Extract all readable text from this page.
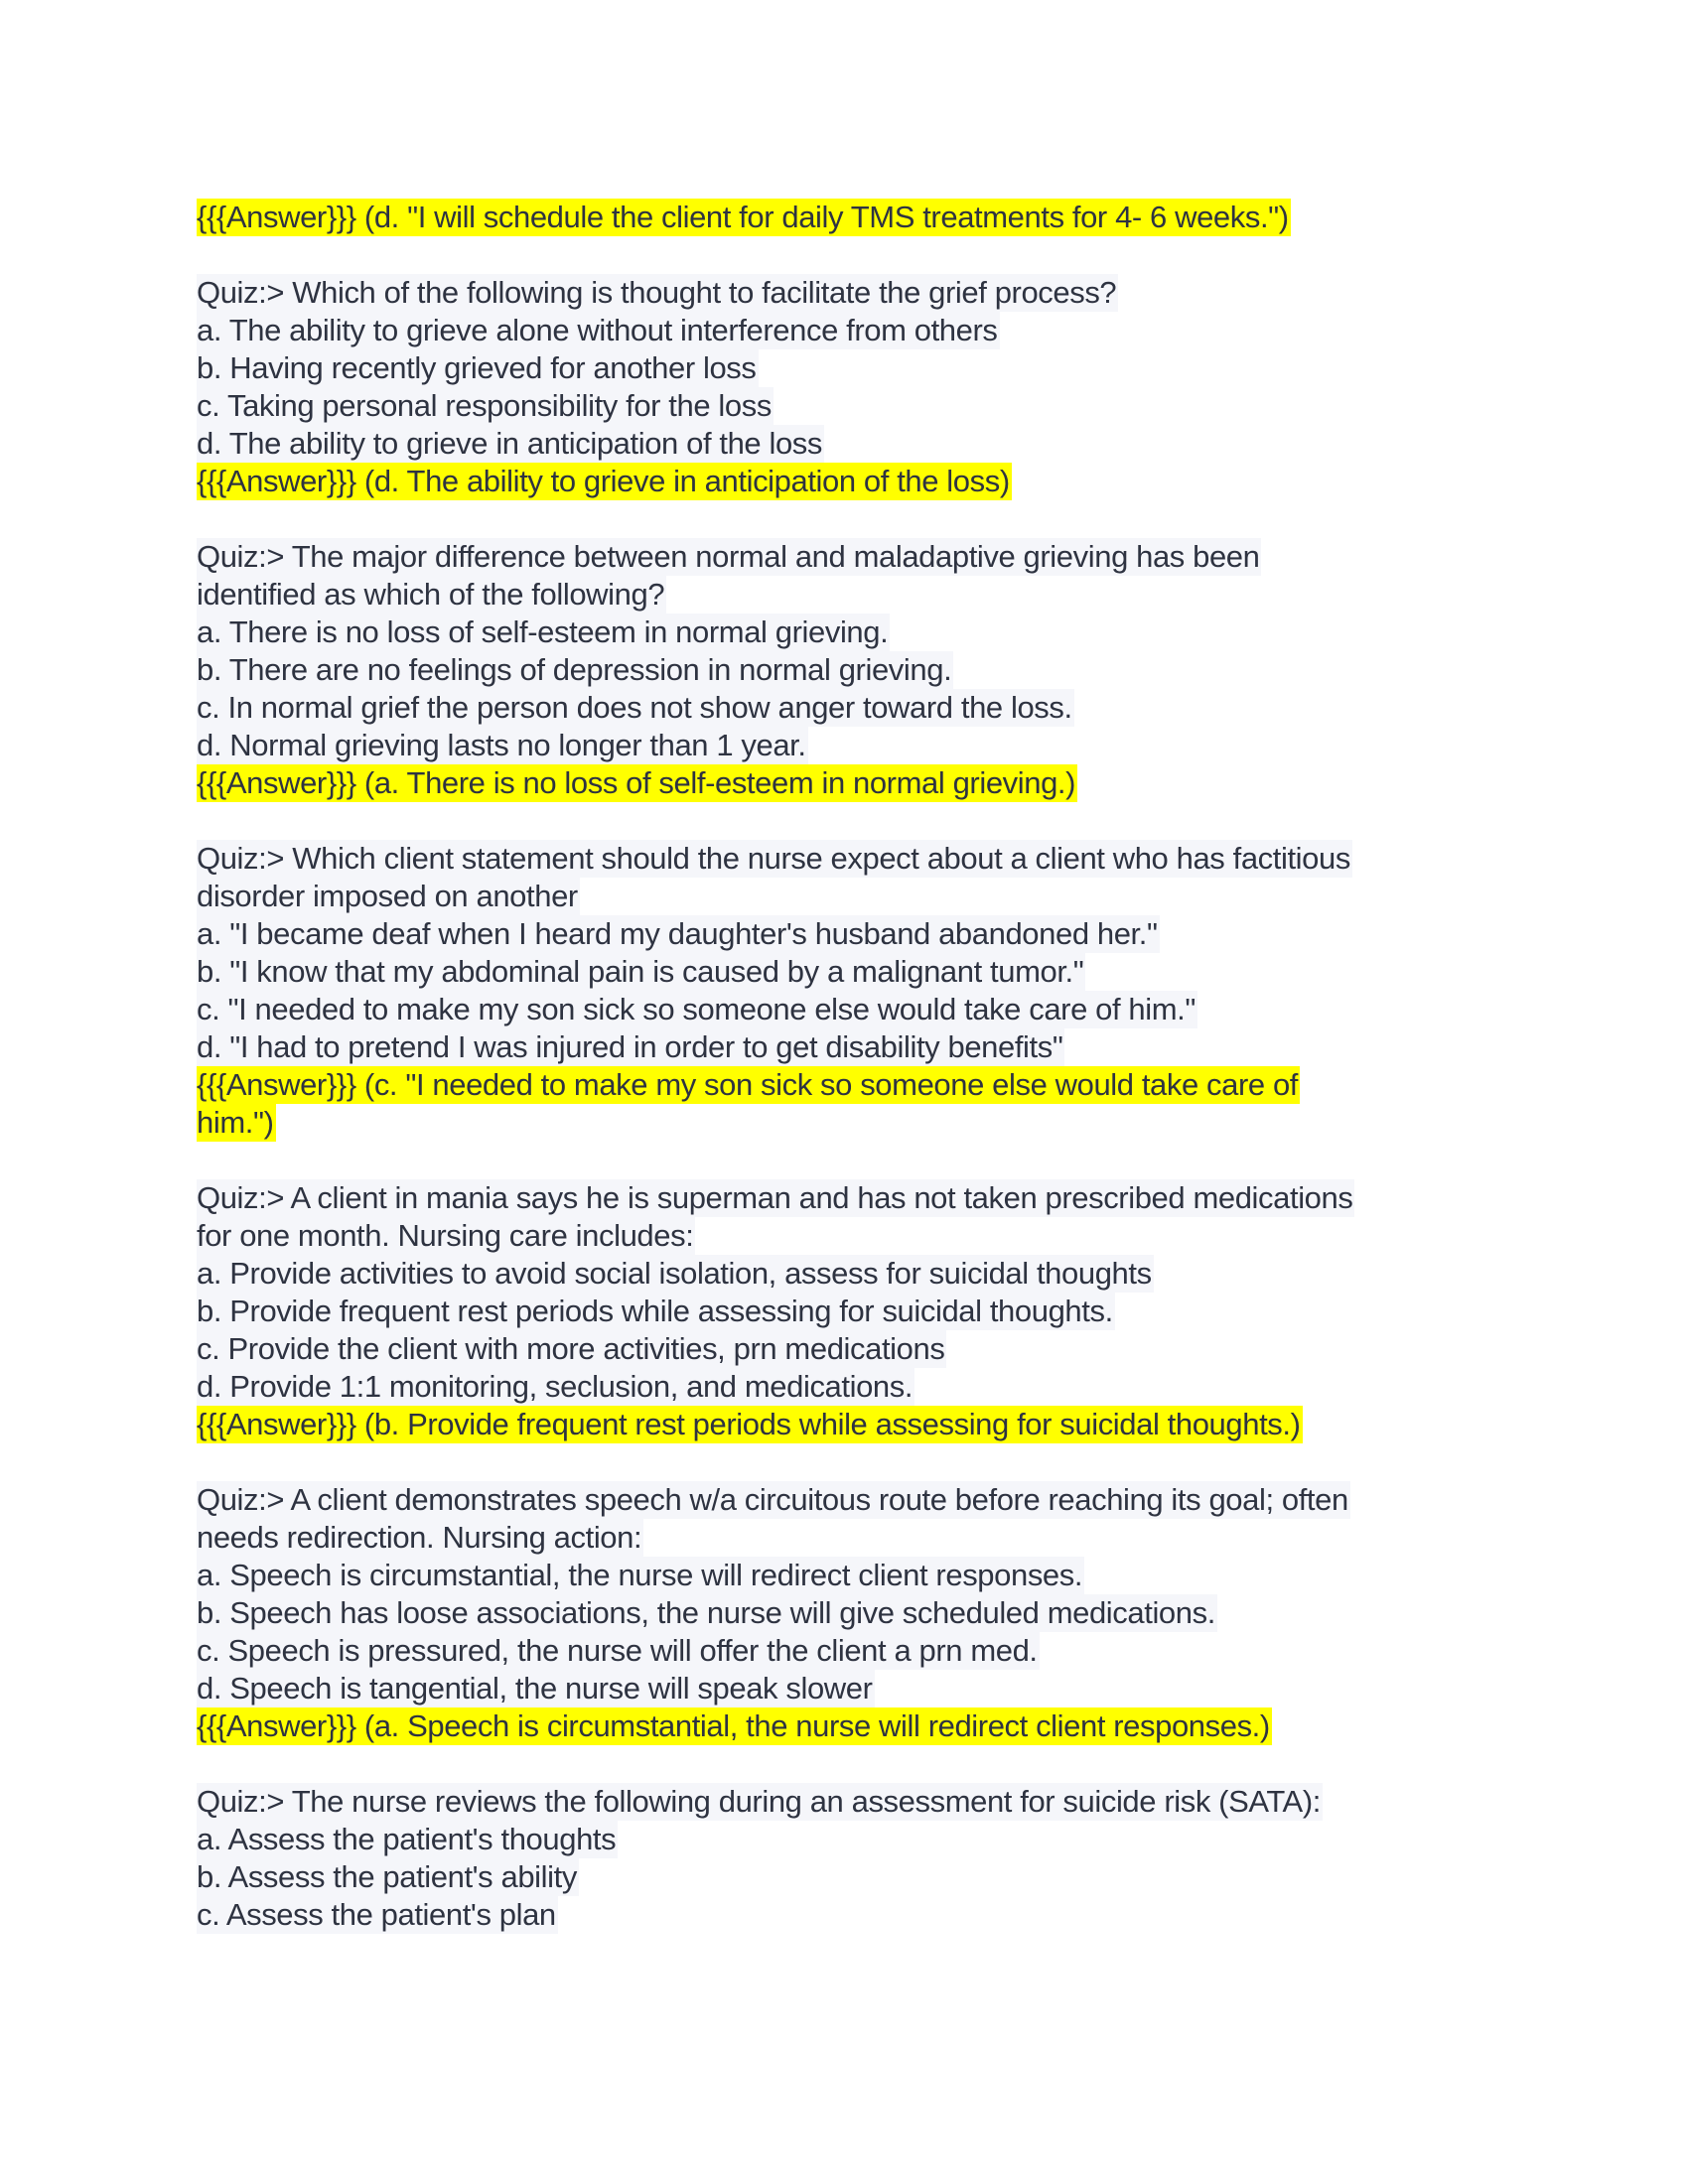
{{{Answer}}} (d. "I will schedule the client for daily TMS treatments for 4- 6 weeks.")
Quiz:> Which of the following is thought to facilitate the grief process?
a. The ability to grieve alone without interference from others
b. Having recently grieved for another loss
c. Taking personal responsibility for the loss
d. The ability to grieve in anticipation of the loss
{{{Answer}}} (d. The ability to grieve in anticipation of the loss)
Quiz:> The major difference between normal and maladaptive grieving has been
identified as which of the following?
a. There is no loss of self-esteem in normal grieving.
b. There are no feelings of depression in normal grieving.
c. In normal grief the person does not show anger toward the loss.
d. Normal grieving lasts no longer than 1 year.
{{{Answer}}} (a. There is no loss of self-esteem in normal grieving.)
Quiz:> Which client statement should the nurse expect about a client who has factitious
disorder imposed on another
a. "I became deaf when I heard my daughter's husband abandoned her."
b. "I know that my abdominal pain is caused by a malignant tumor."
c. "I needed to make my son sick so someone else would take care of him."
d. "I had to pretend I was injured in order to get disability benefits"
{{{Answer}}} (c. "I needed to make my son sick so someone else would take care of
him.")
Quiz:> A client in mania says he is superman and has not taken prescribed medications
for one month. Nursing care includes:
a. Provide activities to avoid social isolation, assess for suicidal thoughts
b. Provide frequent rest periods while assessing for suicidal thoughts.
c. Provide the client with more activities, prn medications
d. Provide 1:1 monitoring, seclusion, and medications.
{{{Answer}}} (b. Provide frequent rest periods while assessing for suicidal thoughts.)
Quiz:> A client demonstrates speech w/a circuitous route before reaching its goal; often
needs redirection. Nursing action:
a. Speech is circumstantial, the nurse will redirect client responses.
b. Speech has loose associations, the nurse will give scheduled medications.
c. Speech is pressured, the nurse will offer the client a prn med.
d. Speech is tangential, the nurse will speak slower
{{{Answer}}} (a. Speech is circumstantial, the nurse will redirect client responses.)
Quiz:> The nurse reviews the following during an assessment for suicide risk (SATA):
a. Assess the patient's thoughts
b. Assess the patient's ability
c. Assess the patient's plan
